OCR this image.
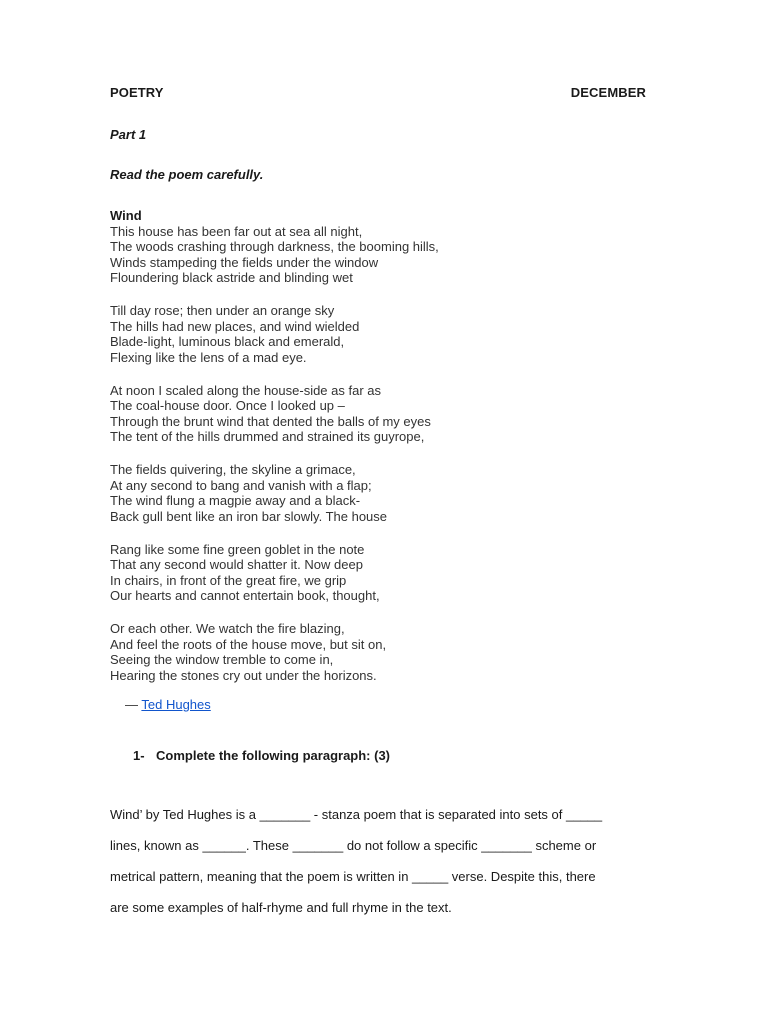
POETRY	DECEMBER
Part 1
Read the poem carefully.
Wind
This house has been far out at sea all night,
The woods crashing through darkness, the booming hills,
Winds stampeding the fields under the window
Floundering black astride and blinding wet
Till day rose; then under an orange sky
The hills had new places, and wind wielded
Blade-light, luminous black and emerald,
Flexing like the lens of a mad eye.
At noon I scaled along the house-side as far as
The coal-house door. Once I looked up –
Through the brunt wind that dented the balls of my eyes
The tent of the hills drummed and strained its guyrope,
The fields quivering, the skyline a grimace,
At any second to bang and vanish with a flap;
The wind flung a magpie away and a black-
Back gull bent like an iron bar slowly. The house
Rang like some fine green goblet in the note
That any second would shatter it. Now deep
In chairs, in front of the great fire, we grip
Our hearts and cannot entertain book, thought,
Or each other. We watch the fire blazing,
And feel the roots of the house move, but sit on,
Seeing the window tremble to come in,
Hearing the stones cry out under the horizons.
— Ted Hughes
1- Complete the following paragraph: (3)
Wind’ by Ted Hughes is a _______ - stanza poem that is separated into sets of _____
lines, known as ______. These _______ do not follow a specific _______ scheme or
metrical pattern, meaning that the poem is written in _____ verse. Despite this, there
are some examples of half-rhyme and full rhyme in the text.
